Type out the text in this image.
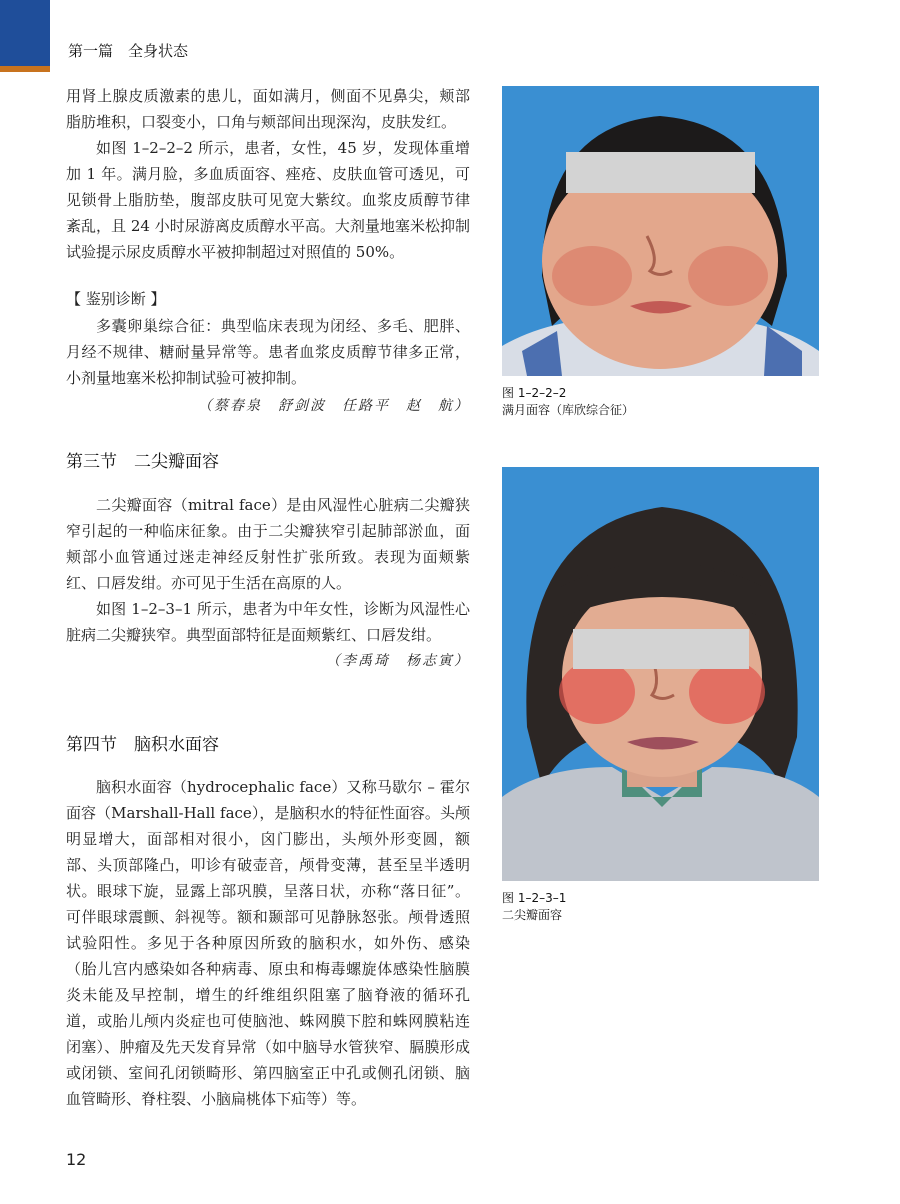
第一篇　全身状态

用肾上腺皮质激素的患儿，面如满月，侧面不见鼻尖，颊部脂肪堆积，口裂变小，口角与颊部间出现深沟，皮肤发红。

如图 1–2–2–2 所示，患者，女性，45 岁，发现体重增加 1 年。满月脸，多血质面容、痤疮、皮肤血管可透见，可见锁骨上脂肪垫，腹部皮肤可见宽大紫纹。血浆皮质醇节律紊乱，且 24 小时尿游离皮质醇水平高。大剂量地塞米松抑制试验提示尿皮质醇水平被抑制超过对照值的 50%。

【 鉴别诊断 】

多囊卵巢综合征：典型临床表现为闭经、多毛、肥胖、月经不规律、糖耐量异常等。患者血浆皮质醇节律多正常，小剂量地塞米松抑制试验可被抑制。

（蔡春泉　舒剑波　任路平　赵　航）

第三节　二尖瓣面容

二尖瓣面容（mitral face）是由风湿性心脏病二尖瓣狭窄引起的一种临床征象。由于二尖瓣狭窄引起肺部淤血，面颊部小血管通过迷走神经反射性扩张所致。表现为面颊紫红、口唇发绀。亦可见于生活在高原的人。

如图 1–2–3–1 所示，患者为中年女性，诊断为风湿性心脏病二尖瓣狭窄。典型面部特征是面颊紫红、口唇发绀。

（李禹琦　杨志寅）

第四节　脑积水面容

脑积水面容（hydrocephalic face）又称马歇尔 – 霍尔面容（Marshall-Hall face），是脑积水的特征性面容。头颅明显增大，面部相对很小，囟门膨出，头颅外形变圆，额部、头顶部隆凸，叩诊有破壶音，颅骨变薄，甚至呈半透明状。眼球下旋，显露上部巩膜，呈落日状，亦称“落日征”。可伴眼球震颤、斜视等。额和颞部可见静脉怒张。颅骨透照试验阳性。多见于各种原因所致的脑积水，如外伤、感染（胎儿宫内感染如各种病毒、原虫和梅毒螺旋体感染性脑膜炎未能及早控制，增生的纤维组织阻塞了脑脊液的循环孔道，或胎儿颅内炎症也可使脑池、蛛网膜下腔和蛛网膜粘连闭塞）、肿瘤及先天发育异常（如中脑导水管狭窄、膈膜形成或闭锁、室间孔闭锁畸形、第四脑室正中孔或侧孔闭锁、脑血管畸形、脊柱裂、小脑扁桃体下疝等）等。

图 1–2–2–2
满月面容（库欣综合征）
图 1–2–3–1
二尖瓣面容
12
